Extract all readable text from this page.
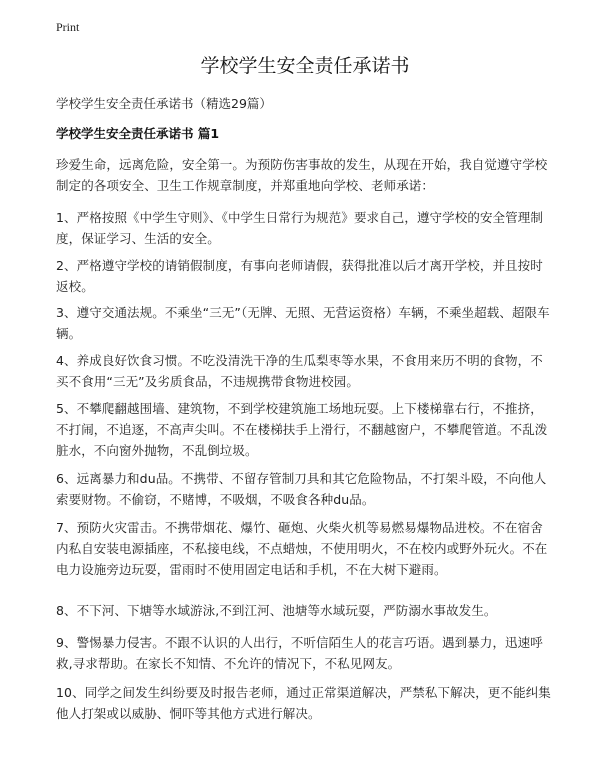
Print
学校学生安全责任承诺书
学校学生安全责任承诺书（精选29篇）
学校学生安全责任承诺书 篇1
珍爱生命，远离危险，安全第一。为预防伤害事故的发生，从现在开始，我自觉遵守学校制定的各项安全、卫生工作规章制度，并郑重地向学校、老师承诺：
1、严格按照《中学生守则》、《中学生日常行为规范》要求自己，遵守学校的安全管理制度，保证学习、生活的安全。
2、严格遵守学校的请销假制度，有事向老师请假，获得批准以后才离开学校，并且按时返校。
3、遵守交通法规。不乘坐“三无”（无牌、无照、无营运资格）车辆，不乘坐超载、超限车辆。
4、养成良好饮食习惯。不吃没清洗干净的生瓜梨枣等水果，不食用来历不明的食物，不买不食用“三无”及劣质食品，不违规携带食物进校园。
5、不攀爬翻越围墙、建筑物，不到学校建筑施工场地玩耍。上下楼梯靠右行，不推挤，不打闹，不追逐，不高声尖叫。不在楼梯扶手上滑行，不翻越窗户，不攀爬管道。不乱泼脏水，不向窗外抛物，不乱倒垃圾。
6、远离暴力和du品。不携带、不留存管制刀具和其它危险物品，不打架斗殴，不向他人索要财物。不偷窃，不赌博，不吸烟，不吸食各种du品。
7、预防火灾雷击。不携带烟花、爆竹、砸炮、火柴火机等易燃易爆物品进校。不在宿舍内私自安装电源插座，不私接电线，不点蜡烛，不使用明火，不在校内或野外玩火。不在电力设施旁边玩耍，雷雨时不使用固定电话和手机，不在大树下避雨。
8、不下河、下塘等水域游泳,不到江河、池塘等水域玩耍，严防溺水事故发生。
9、警惕暴力侵害。不跟不认识的人出行，不听信陌生人的花言巧语。遇到暴力，迅速呼救,寻求帮助。在家长不知情、不允许的情况下，不私见网友。
10、同学之间发生纠纷要及时报告老师，通过正常渠道解决，严禁私下解决，更不能纠集他人打架或以威胁、恫吓等其他方式进行解决。
